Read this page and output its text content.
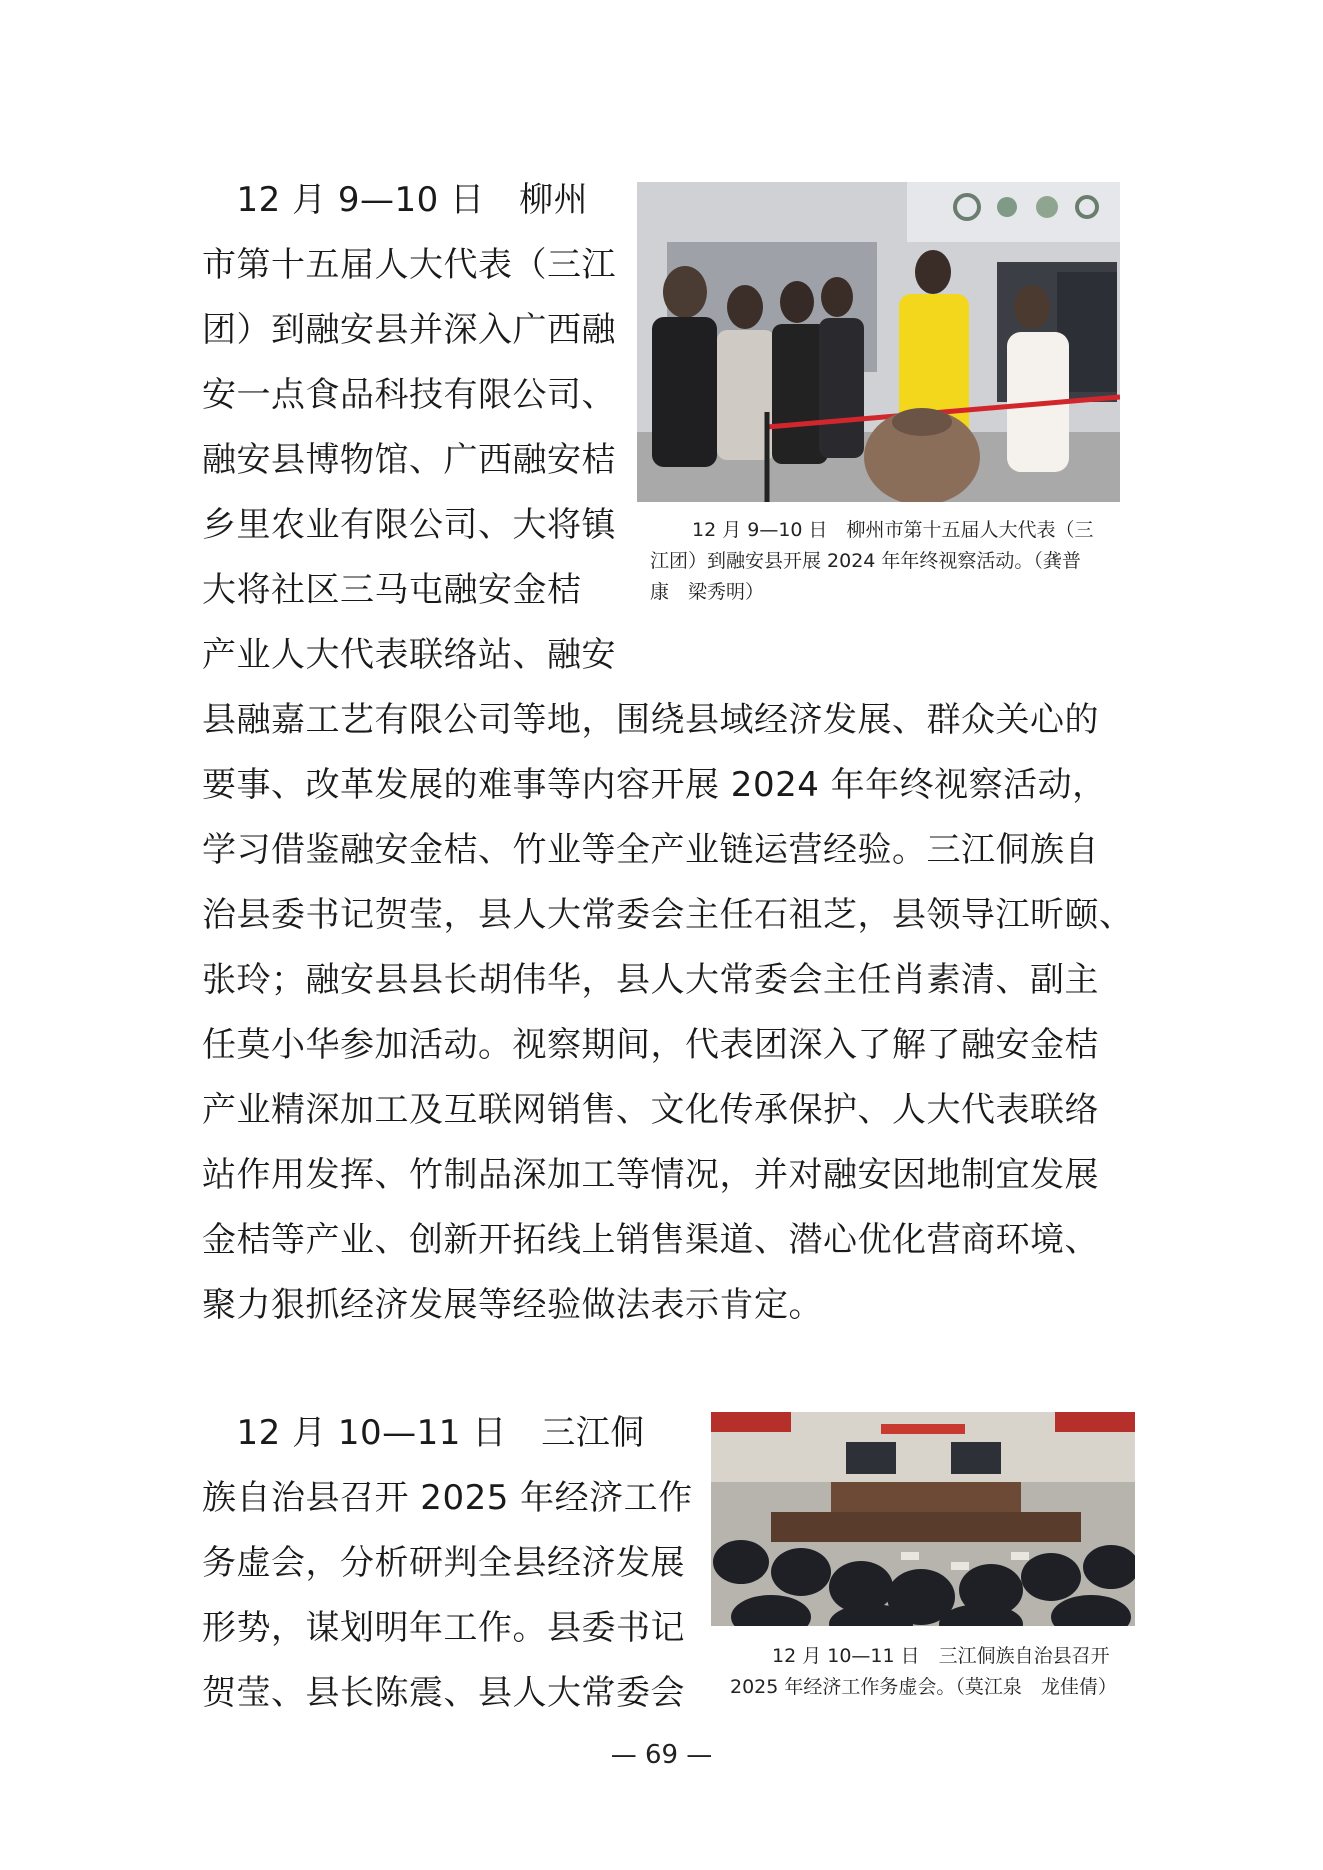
　12 月 9—10 日　柳州
市第十五届人大代表（三江
团）到融安县并深入广西融
安一点食品科技有限公司、
融安县博物馆、广西融安桔
乡里农业有限公司、大将镇
大将社区三马屯融安金桔
产业人大代表联络站、融安
县融嘉工艺有限公司等地，围绕县域经济发展、群众关心的
要事、改革发展的难事等内容开展 2024 年年终视察活动，
学习借鉴融安金桔、竹业等全产业链运营经验。三江侗族自
治县委书记贺莹，县人大常委会主任石祖芝，县领导江昕颐、
张玲；融安县县长胡伟华，县人大常委会主任肖素清、副主
任莫小华参加活动。视察期间，代表团深入了解了融安金桔
产业精深加工及互联网销售、文化传承保护、人大代表联络
站作用发挥、竹制品深加工等情况，并对融安因地制宜发展
金桔等产业、创新开拓线上销售渠道、潜心优化营商环境、
聚力狠抓经济发展等经验做法表示肯定。
12 月 9—10 日　柳州市第十五届人大代表（三
江团）到融安县开展 2024 年年终视察活动。（龚普
康　梁秀明）
　12 月 10—11 日　三江侗
族自治县召开 2025 年经济工作
务虚会，分析研判全县经济发展
形势，谋划明年工作。县委书记
贺莹、县长陈震、县人大常委会
12 月 10—11 日　三江侗族自治县召开
2025 年经济工作务虚会。（莫江泉　龙佳倩）
— 69 —
